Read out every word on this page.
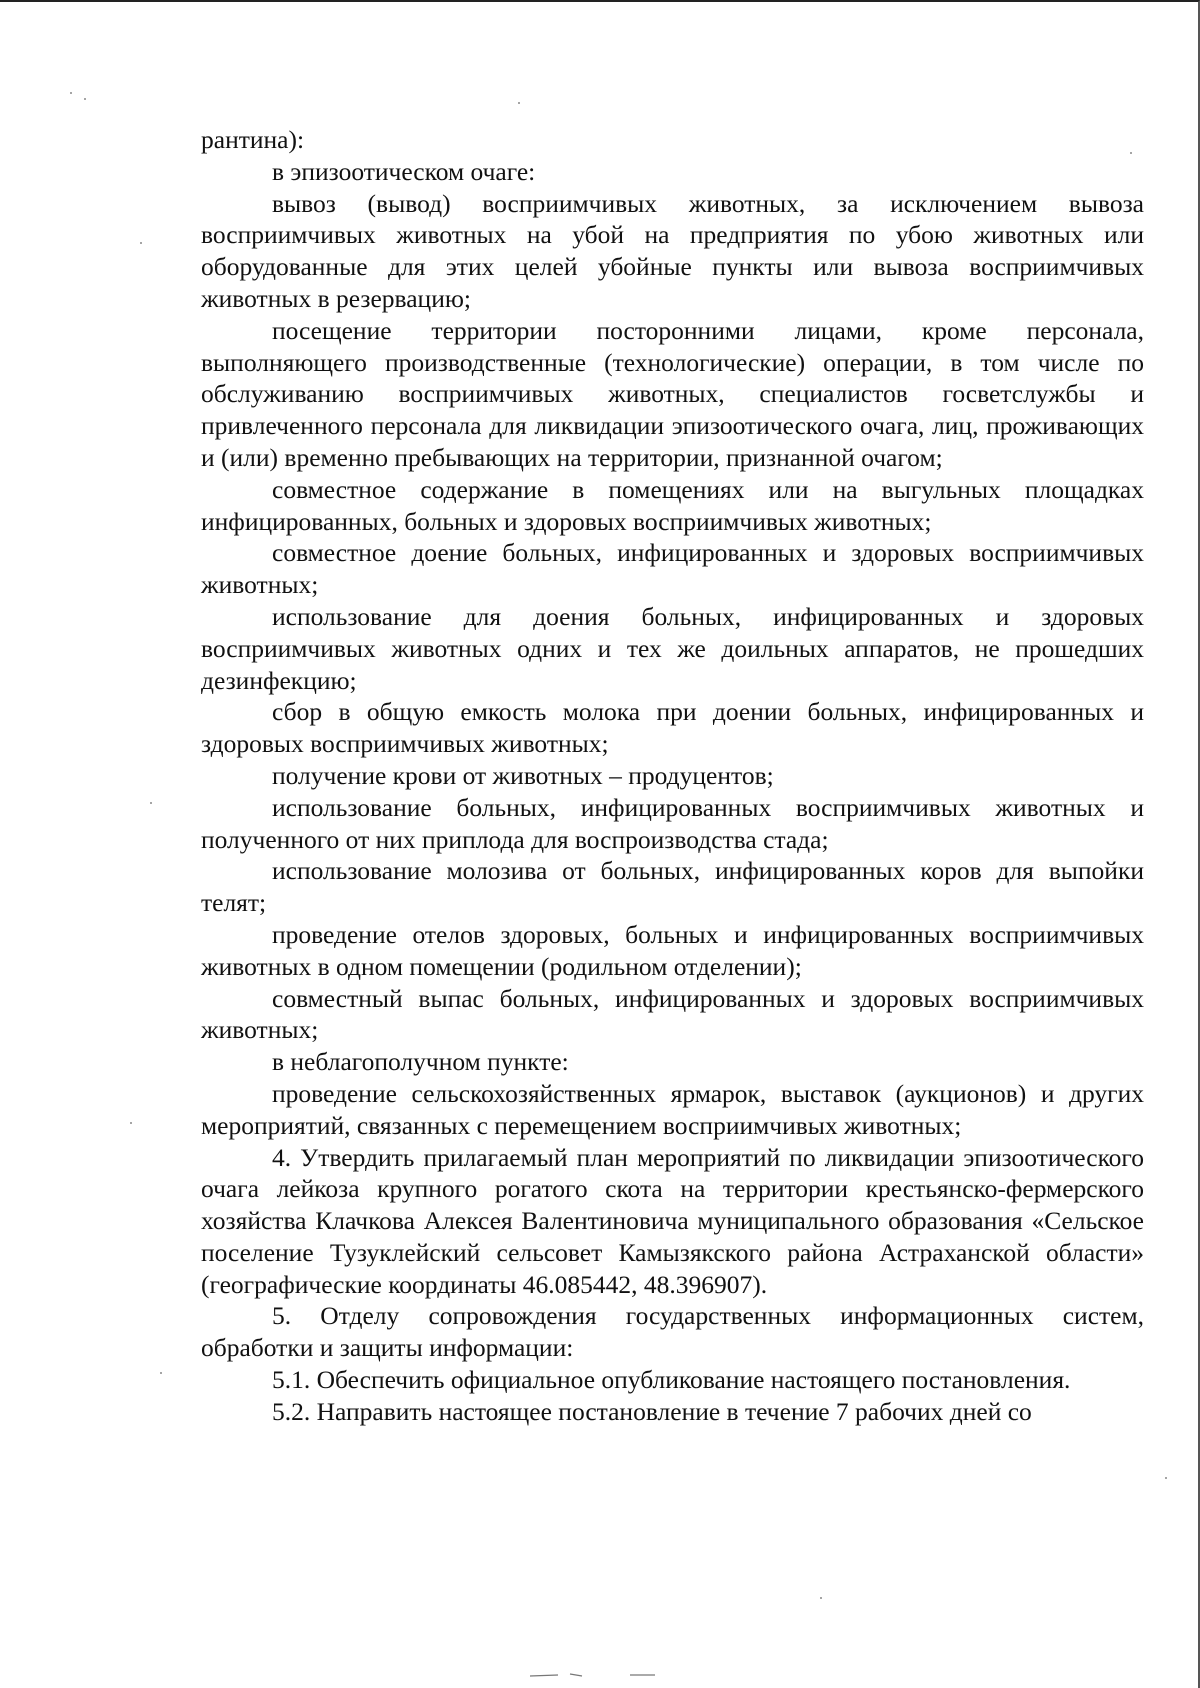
рантина):

в эпизоотическом очаге:

вывоз (вывод) восприимчивых животных, за исключением вывоза восприимчивых животных на убой на предприятия по убою животных или оборудованные для этих целей убойные пункты или вывоза восприимчивых животных в резервацию;

посещение территории посторонними лицами, кроме персонала, выполняющего производственные (технологические) операции, в том числе по обслуживанию восприимчивых животных, специалистов госветслужбы и привлеченного персонала для ликвидации эпизоотического очага, лиц, проживающих и (или) временно пребывающих на территории, признанной очагом;

совместное содержание в помещениях или на выгульных площадках инфицированных, больных и здоровых восприимчивых животных;

совместное доение больных, инфицированных и здоровых восприимчивых животных;

использование для доения больных, инфицированных и здоровых восприимчивых животных одних и тех же доильных аппаратов, не прошедших дезинфекцию;

сбор в общую емкость молока при доении больных, инфицированных и здоровых восприимчивых животных;

получение крови от животных – продуцентов;

использование больных, инфицированных восприимчивых животных и полученного от них приплода для воспроизводства стада;

использование молозива от больных, инфицированных коров для выпойки телят;

проведение отелов здоровых, больных и инфицированных восприимчивых животных в одном помещении (родильном отделении);

совместный выпас больных, инфицированных и здоровых восприимчивых животных;

в неблагополучном пункте:

проведение сельскохозяйственных ярмарок, выставок (аукционов) и других мероприятий, связанных с перемещением восприимчивых животных;

4. Утвердить прилагаемый план мероприятий по ликвидации эпизоотического очага лейкоза крупного рогатого скота на территории крестьянско-фермерского хозяйства Клачкова Алексея Валентиновича муниципального образования «Сельское поселение Тузуклейский сельсовет Камызякского района Астраханской области» (географические координаты 46.085442, 48.396907).

5. Отделу сопровождения государственных информационных систем, обработки и защиты информации:

5.1. Обеспечить официальное опубликование настоящего постановления.

5.2. Направить настоящее постановление в течение 7 рабочих дней со
